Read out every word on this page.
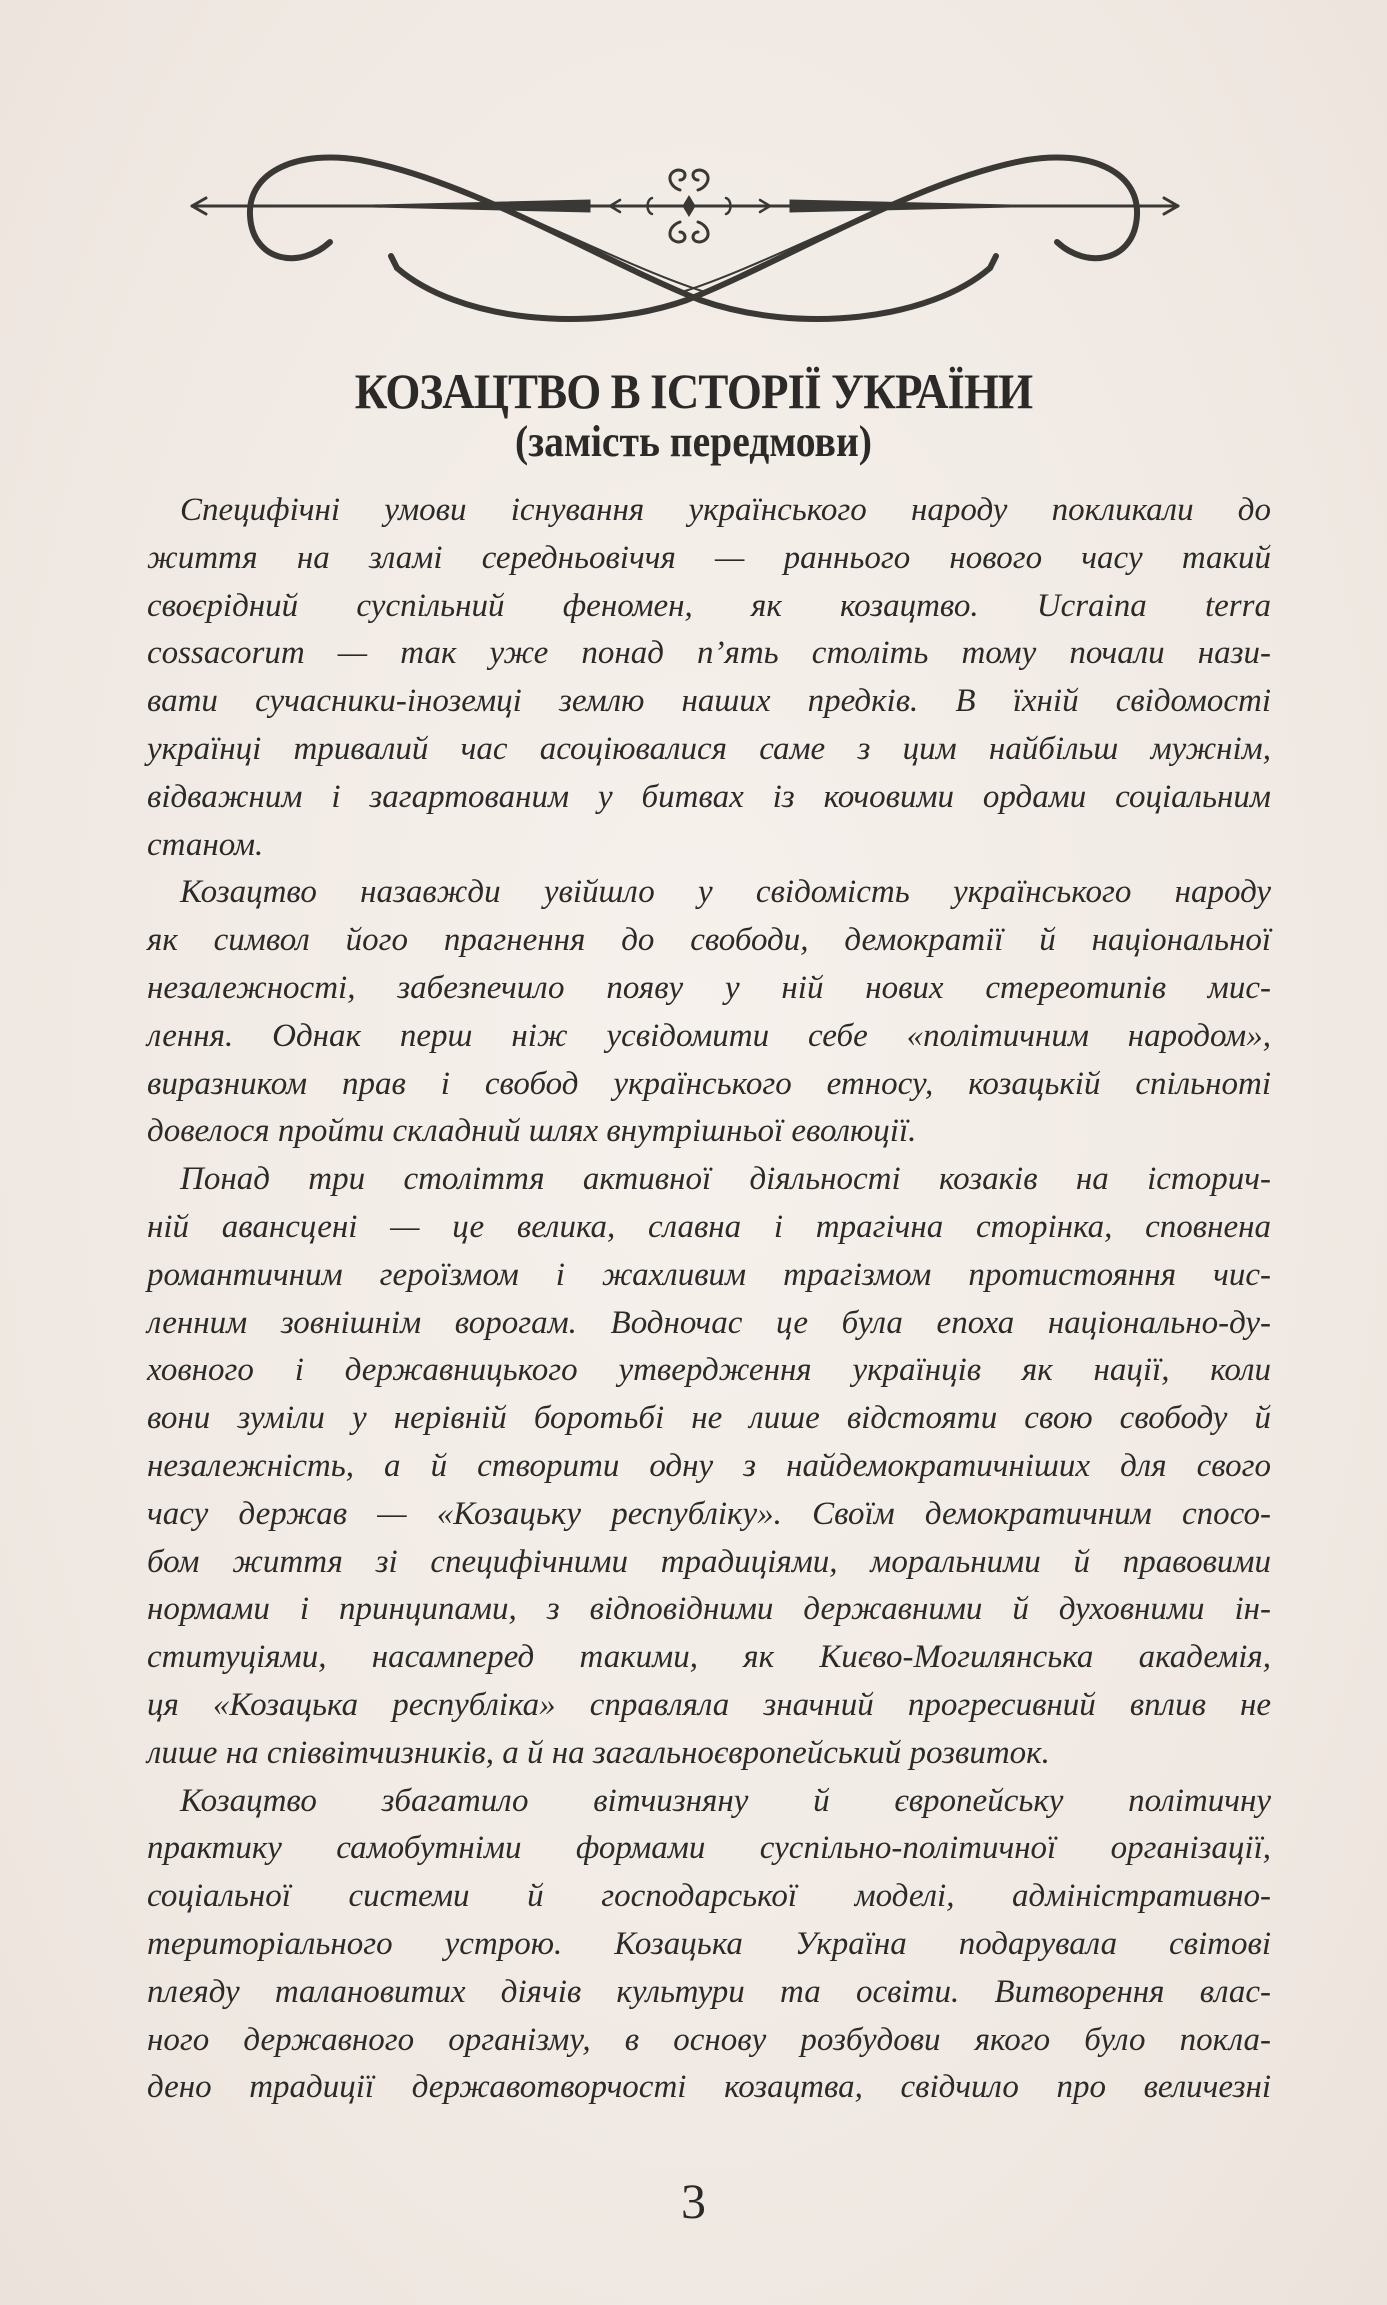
КОЗАЦТВО В ІСТОРІЇ УКРАЇНИ
(замість передмови)
Специфічні умови існування українського народу покликали до
життя на зламі середньовіччя — раннього нового часу такий
своєрідний суспільний феномен, як козацтво. Ucraina terra
cossacorum — так уже понад п’ять століть тому почали нази-
вати сучасники-іноземці землю наших предків. В їхній свідомості
українці тривалий час асоціювалися саме з цим найбільш мужнім,
відважним і загартованим у битвах із кочовими ордами соціальним
станом.
Козацтво назавжди увійшло у свідомість українського народу
як символ його прагнення до свободи, демократії й національної
незалежності, забезпечило появу у ній нових стереотипів мис-
лення. Однак перш ніж усвідомити себе «політичним народом»,
виразником прав і свобод українського етносу, козацькій спільноті
довелося пройти складний шлях внутрішньої еволюції.
Понад три століття активної діяльності козаків на історич-
ній авансцені — це велика, славна і трагічна сторінка, сповнена
романтичним героїзмом і жахливим трагізмом протистояння чис-
ленним зовнішнім ворогам. Водночас це була епоха національно-ду-
ховного і державницького утвердження українців як нації, коли
вони зуміли у нерівній боротьбі не лише відстояти свою свободу й
незалежність, а й створити одну з найдемократичніших для свого
часу держав — «Козацьку республіку». Своїм демократичним спосо-
бом життя зі специфічними традиціями, моральними й правовими
нормами і принципами, з відповідними державними й духовними ін-
ституціями, насамперед такими, як Києво-Могилянська академія,
ця «Козацька республіка» справляла значний прогресивний вплив не
лише на співвітчизників, а й на загальноєвропейський розвиток.
Козацтво збагатило вітчизняну й європейську політичну
практику самобутніми формами суспільно-політичної організації,
соціальної системи й господарської моделі, адміністративно-
територіального устрою. Козацька Україна подарувала світові
плеяду талановитих діячів культури та освіти. Витворення влас-
ного державного організму, в основу розбудови якого було покла-
дено традиції державотворчості козацтва, свідчило про величезні
3
